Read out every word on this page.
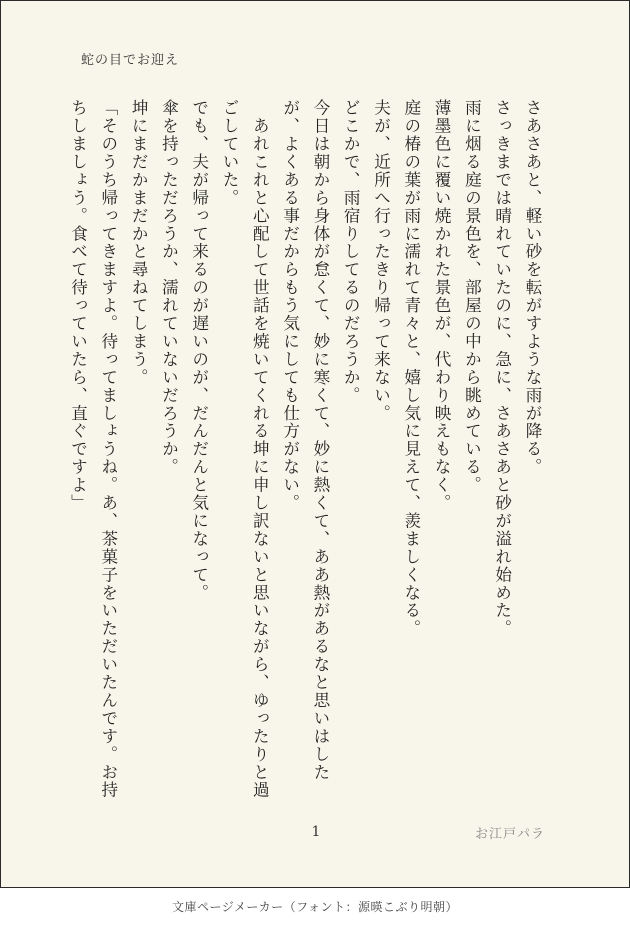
蛇の目でお迎え

さあさあと、軽い砂を転がすような雨が降る。

さっきまでは晴れていたのに、急に、さあさあと砂が溢れ始めた。

雨に烟る庭の景色を、部屋の中から眺めている。

薄墨色に覆い焼かれた景色が、代わり映えもなく。

庭の椿の葉が雨に濡れて青々と、嬉し気に見えて、羨ましくなる。

夫が、近所へ行ったきり帰って来ない。

どこかで、雨宿りしてるのだろうか。

今日は朝から身体が怠くて、妙に寒くて、妙に熱くて、ああ熱があるなと思いはしたが、よくある事だからもう気にしても仕方がない。

　あれこれと心配して世話を焼いてくれる坤に申し訳ないと思いながら、ゆったりと過ごしていた。

でも、夫が帰って来るのが遅いのが、だんだんと気になって。

傘を持っただろうか、濡れていないだろうか。

坤にまだかまだかと尋ねてしまう。

「そのうち帰ってきますよ。待ってましょうね。あ、茶菓子をいただいたんです。お持ちしましょう。食べて待っていたら、直ぐですよ」

1	お江戸パラ
文庫ページメーカー（フォント：源暎こぶり明朝）
